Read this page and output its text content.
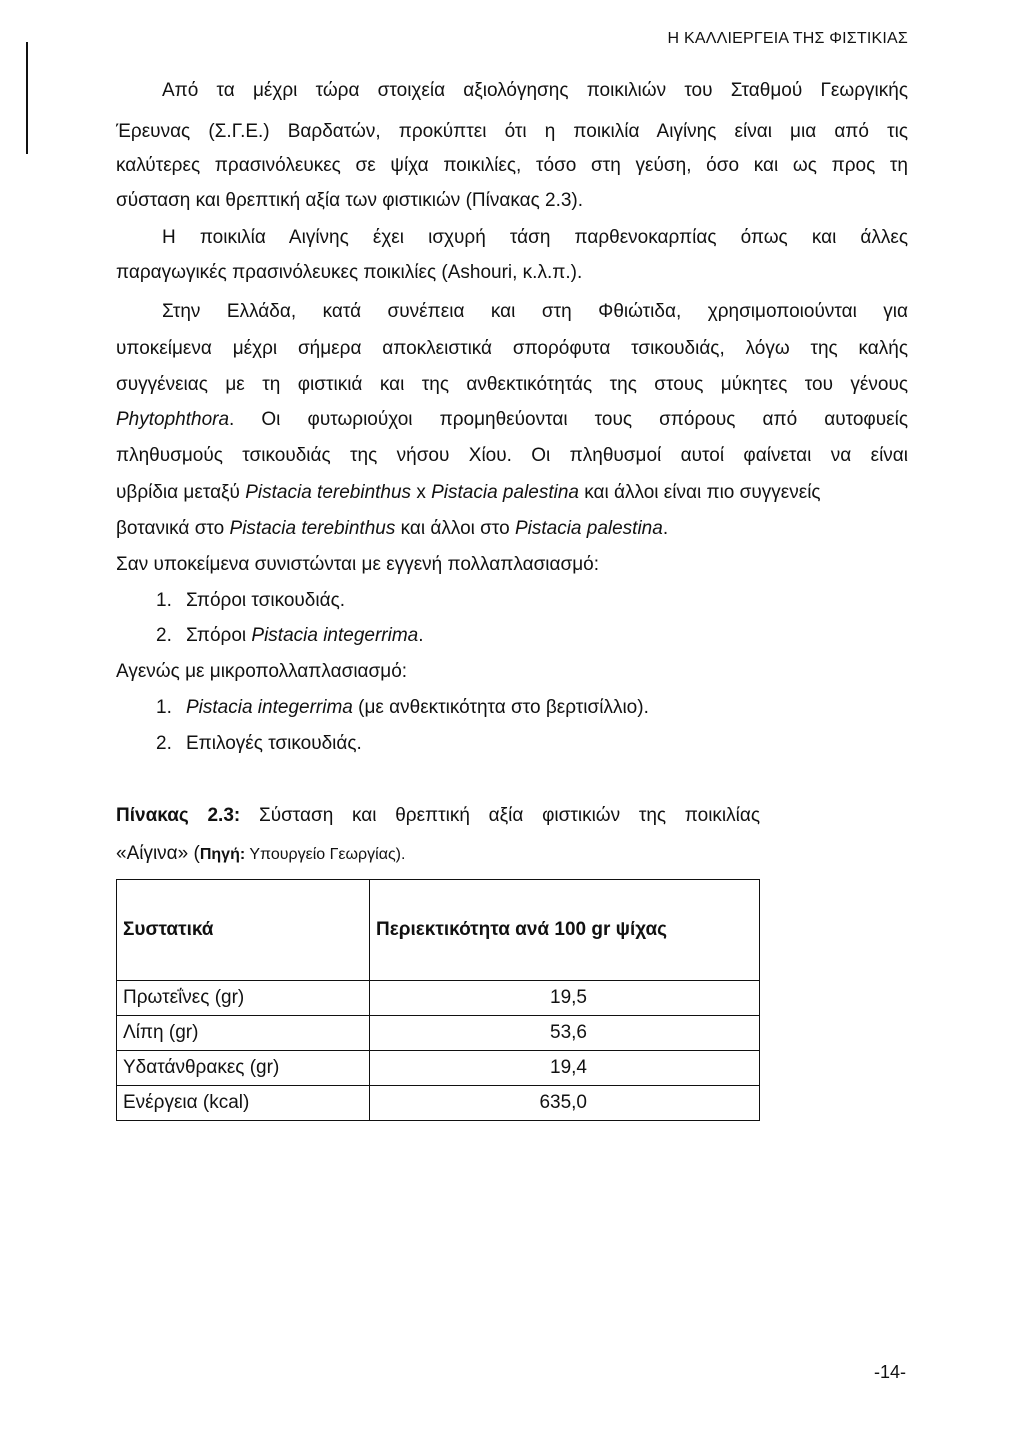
Η ΚΑΛΛΙΕΡΓΕΙΑ ΤΗΣ ΦΙΣΤΙΚΙΑΣ
Από τα μέχρι τώρα στοιχεία αξιολόγησης ποικιλιών του Σταθμού Γεωργικής
Έρευνας (Σ.Γ.Ε.) Βαρδατών, προκύπτει ότι η ποικιλία Αιγίνης είναι μια από τις
καλύτερες πρασινόλευκες σε ψίχα ποικιλίες, τόσο στη γεύση, όσο και ως προς τη
σύσταση και θρεπτική αξία των φιστικιών (Πίνακας 2.3).
Η ποικιλία Αιγίνης έχει ισχυρή τάση παρθενοκαρπίας όπως και άλλες
παραγωγικές πρασινόλευκες ποικιλίες (Ashouri, κ.λ.π.).
Στην Ελλάδα, κατά συνέπεια και στη Φθιώτιδα, χρησιμοποιούνται για
υποκείμενα μέχρι σήμερα αποκλειστικά σπορόφυτα τσικουδιάς, λόγω της καλής
συγγένειας με τη φιστικιά και της ανθεκτικότητάς της στους μύκητες του γένους
Phytophthora. Οι φυτωριούχοι προμηθεύονται τους σπόρους από αυτοφυείς
πληθυσμούς τσικουδιάς της νήσου Χίου. Οι πληθυσμοί αυτοί φαίνεται να είναι
υβρίδια μεταξύ Pistacia terebinthus x Pistacia palestina και άλλοι είναι πιο συγγενείς
βοτανικά στο Pistacia terebinthus και άλλοι στο Pistacia palestina.
Σαν υποκείμενα συνιστώνται με εγγενή πολλαπλασιασμό:
1. Σπόροι τσικουδιάς.
2. Σπόροι Pistacia integerrima.
Αγενώς με μικροπολλαπλασιασμό:
1. Pistacia integerrima (με ανθεκτικότητα στο βερτισίλλιο).
2. Επιλογές τσικουδιάς.
Πίνακας 2.3: Σύσταση και θρεπτική αξία φιστικιών της ποικιλίας
«Αίγινα» (Πηγή: Υπουργείο Γεωργίας).
Συστατικά	Περιεκτικότητα ανά 100 gr ψίχας
Πρωτεΐνες (gr)	19,5
Λίπη (gr)	53,6
Υδατάνθρακες (gr)	19,4
Ενέργεια (kcal)	635,0
-14-
